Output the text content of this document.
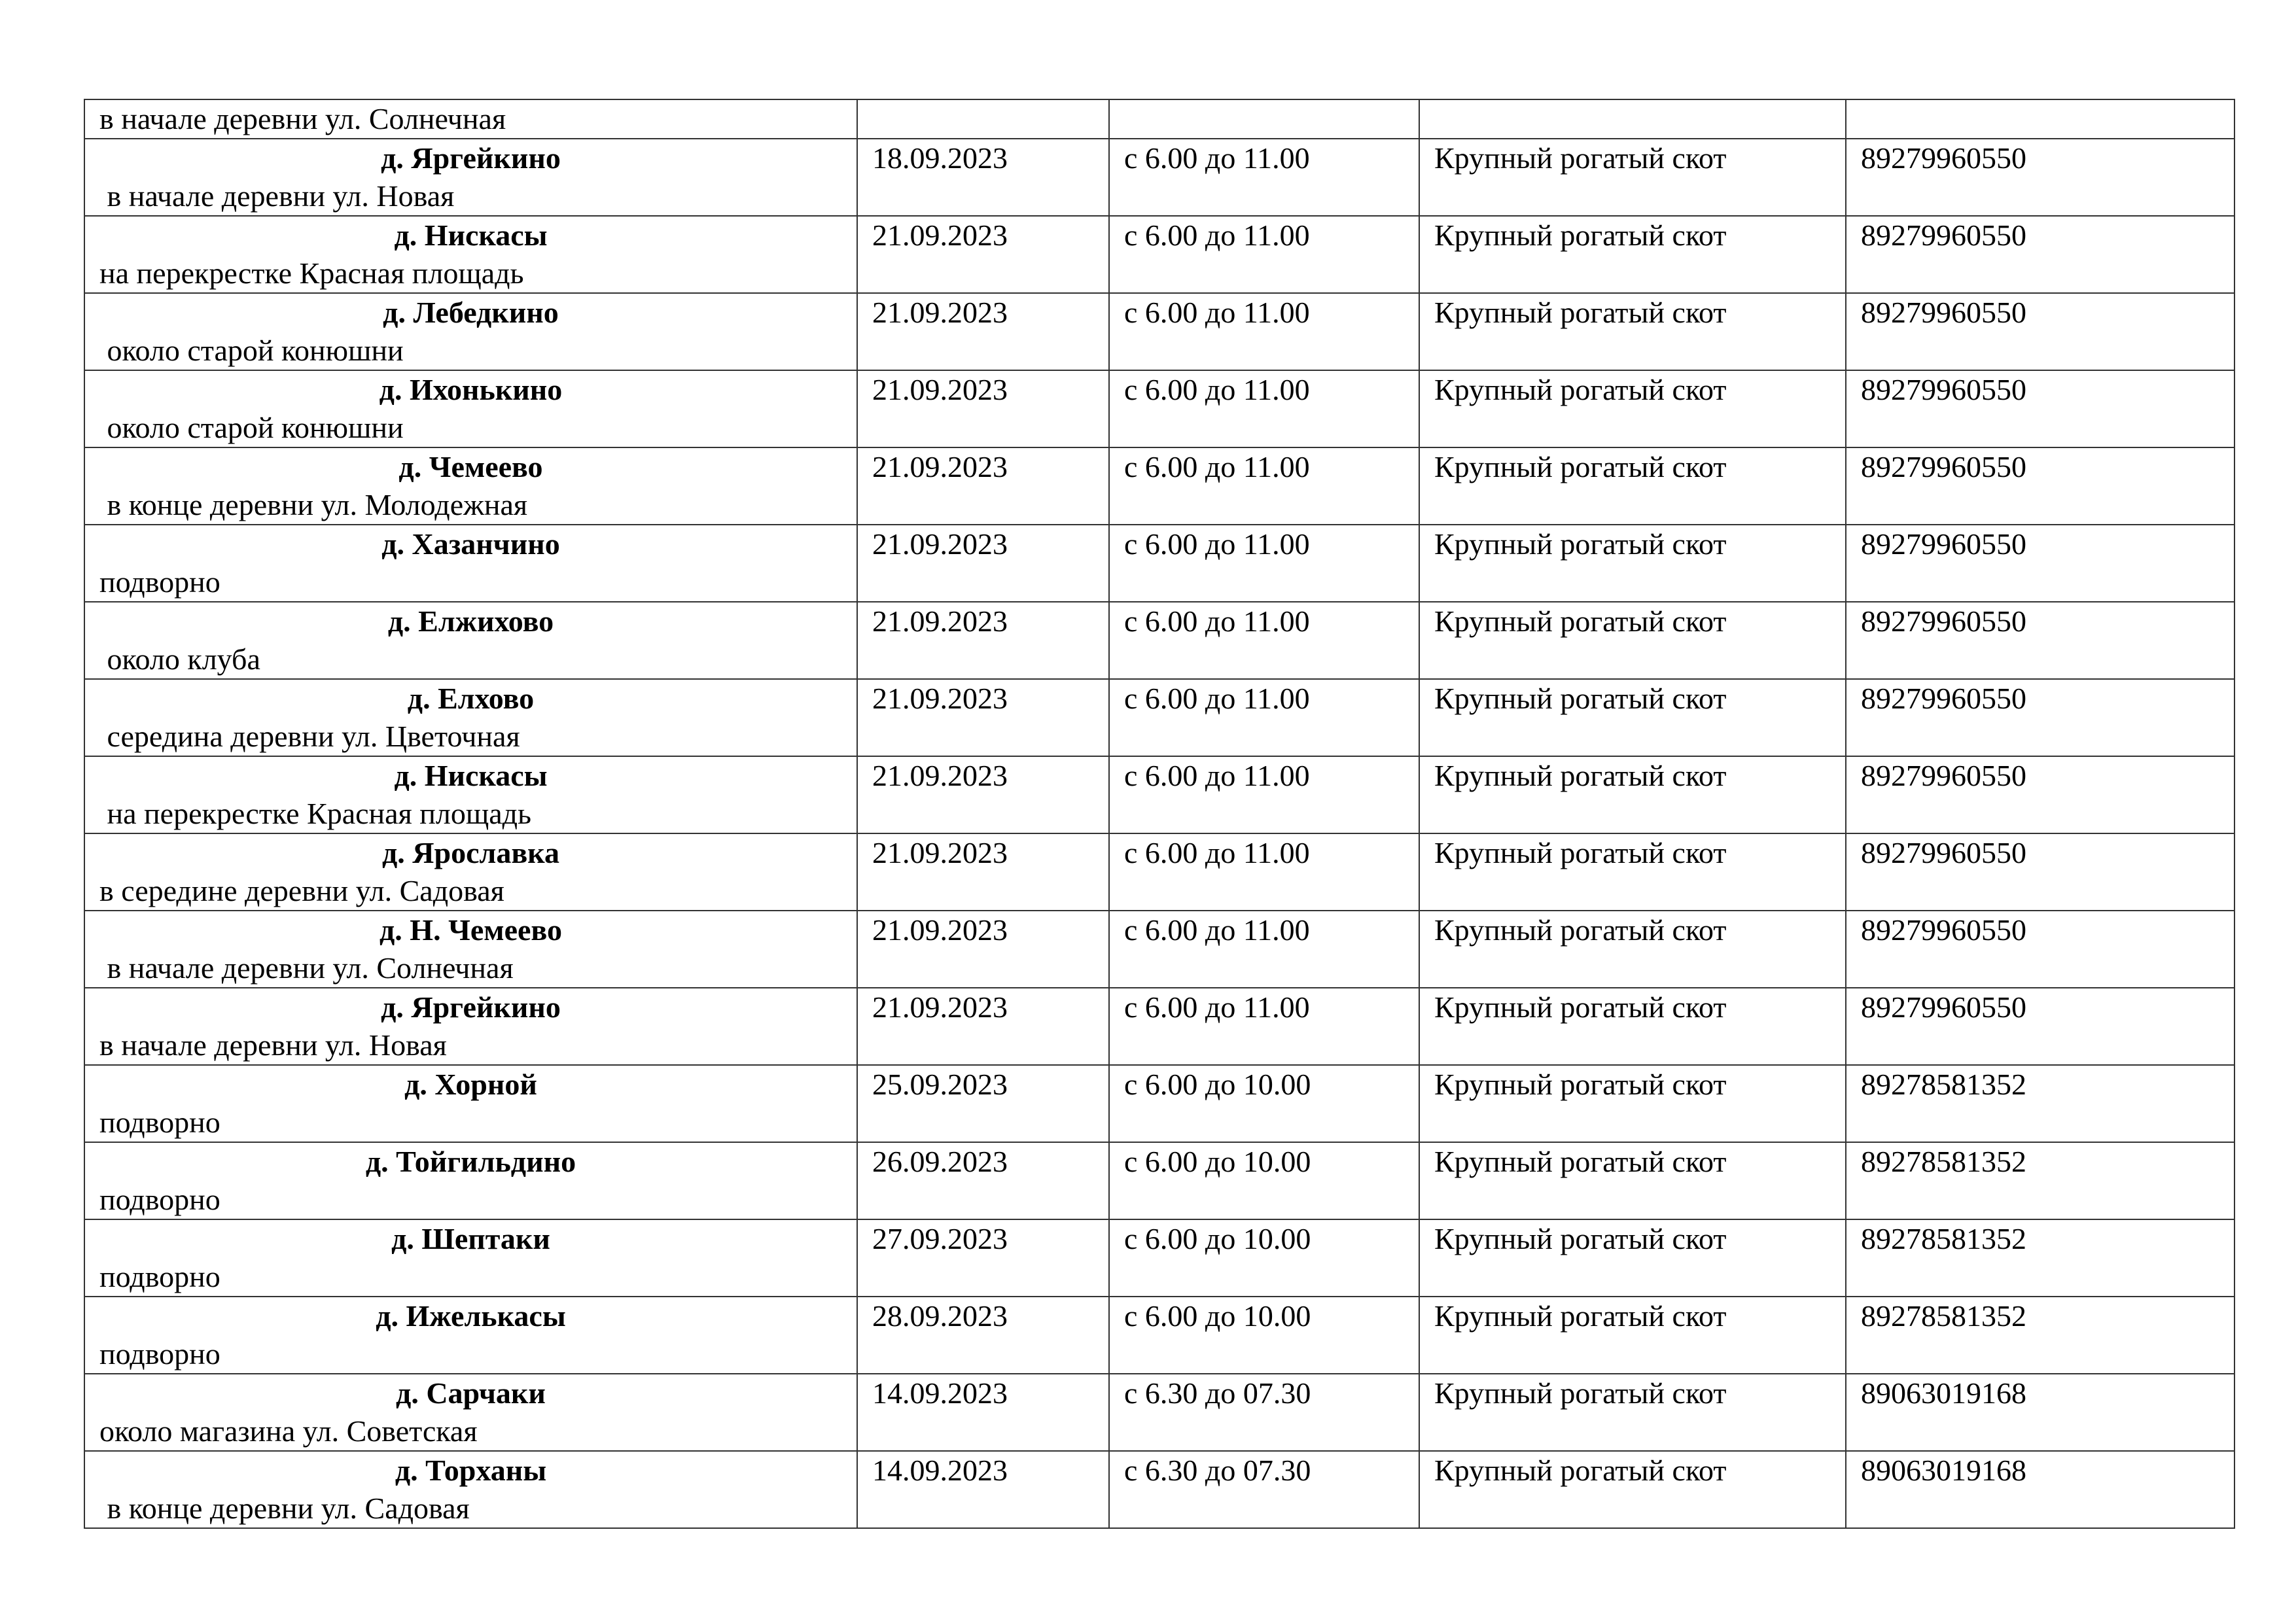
в начале деревни ул. Солнечная				

д. Яргейкино
в начале деревни ул. Новая	18.09.2023	с 6.00 до 11.00	Крупный рогатый скот	89279960550

д. Нискасы
на перекрестке Красная площадь	21.09.2023	с 6.00 до 11.00	Крупный рогатый скот	89279960550

д. Лебедкино
около старой конюшни	21.09.2023	с 6.00 до 11.00	Крупный рогатый скот	89279960550

д. Ихонькино
около старой конюшни	21.09.2023	с 6.00 до 11.00	Крупный рогатый скот	89279960550

д. Чемеево
в конце деревни ул. Молодежная	21.09.2023	с 6.00 до 11.00	Крупный рогатый скот	89279960550

д. Хазанчино
подворно	21.09.2023	с 6.00 до 11.00	Крупный рогатый скот	89279960550

д. Елжихово
около клуба	21.09.2023	с 6.00 до 11.00	Крупный рогатый скот	89279960550

д. Елхово
середина деревни ул. Цветочная	21.09.2023	с 6.00 до 11.00	Крупный рогатый скот	89279960550

д. Нискасы
на перекрестке Красная площадь	21.09.2023	с 6.00 до 11.00	Крупный рогатый скот	89279960550

д. Ярославка
в середине деревни ул. Садовая	21.09.2023	с 6.00 до 11.00	Крупный рогатый скот	89279960550

д. Н. Чемеево
в начале деревни ул. Солнечная	21.09.2023	с 6.00 до 11.00	Крупный рогатый скот	89279960550

д. Яргейкино
в начале деревни ул. Новая	21.09.2023	с 6.00 до 11.00	Крупный рогатый скот	89279960550

д. Хорной
подворно	25.09.2023	с 6.00 до 10.00	Крупный рогатый скот	89278581352

д. Тойгильдино
подворно	26.09.2023	с 6.00 до 10.00	Крупный рогатый скот	89278581352

д. Шептаки
подворно	27.09.2023	с 6.00 до 10.00	Крупный рогатый скот	89278581352

д. Ижелькасы
подворно	28.09.2023	с 6.00 до 10.00	Крупный рогатый скот	89278581352

д. Сарчаки
около магазина ул. Советская	14.09.2023	с 6.30 до 07.30	Крупный рогатый скот	89063019168

д. Торханы
в конце деревни ул. Садовая	14.09.2023	с 6.30 до 07.30	Крупный рогатый скот	89063019168
